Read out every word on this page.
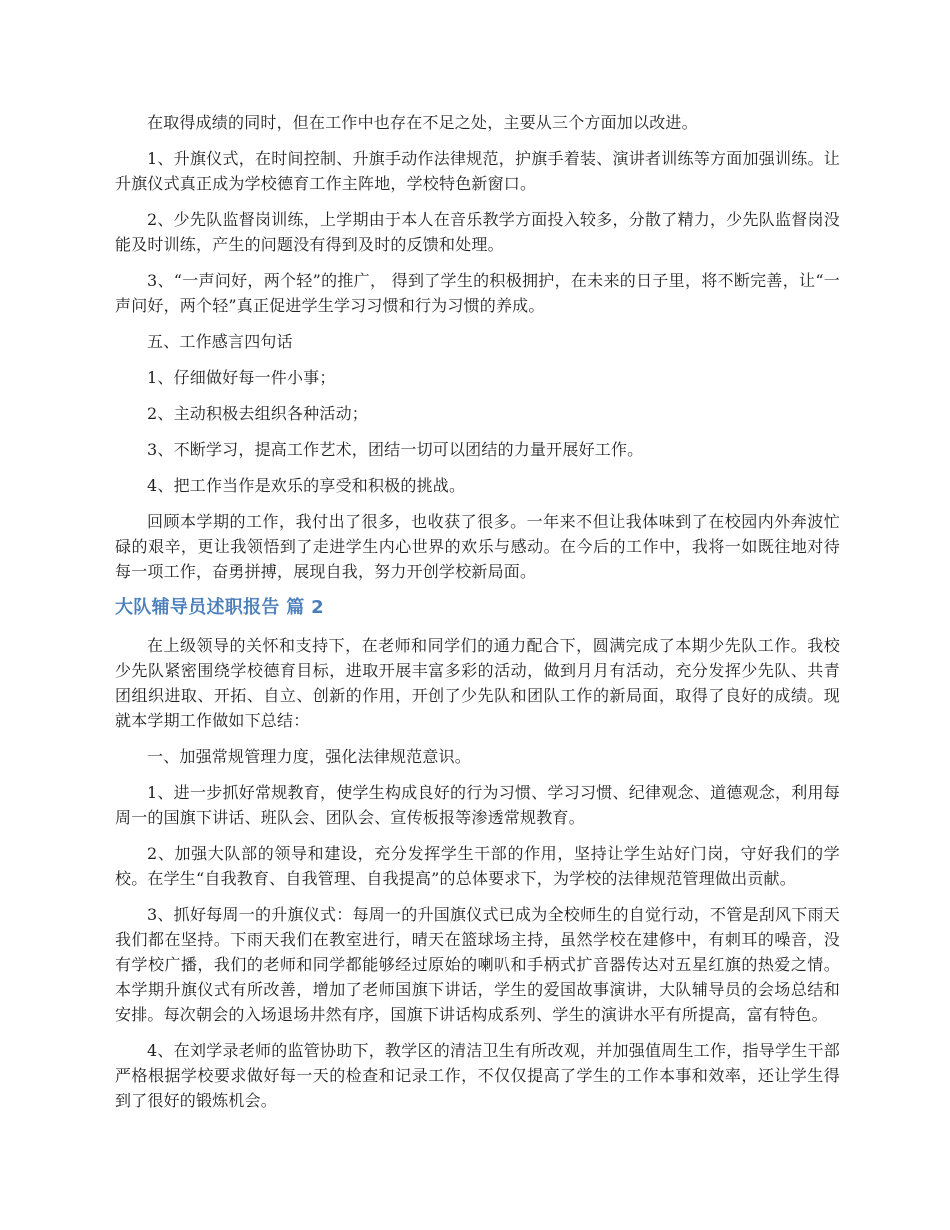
在取得成绩的同时，但在工作中也存在不足之处，主要从三个方面加以改进。

1、升旗仪式，在时间控制、升旗手动作法律规范，护旗手着装、演讲者训练等方面加强训练。让升旗仪式真正成为学校德育工作主阵地，学校特色新窗口。

2、少先队监督岗训练，上学期由于本人在音乐教学方面投入较多，分散了精力，少先队监督岗没能及时训练，产生的问题没有得到及时的反馈和处理。

3、“一声问好，两个轻”的推广， 得到了学生的积极拥护，在未来的日子里，将不断完善，让“一声问好，两个轻”真正促进学生学习习惯和行为习惯的养成。

五、工作感言四句话

1、仔细做好每一件小事；

2、主动积极去组织各种活动；

3、不断学习，提高工作艺术，团结一切可以团结的力量开展好工作。

4、把工作当作是欢乐的享受和积极的挑战。

回顾本学期的工作，我付出了很多，也收获了很多。一年来不但让我体味到了在校园内外奔波忙碌的艰辛，更让我领悟到了走进学生内心世界的欢乐与感动。在今后的工作中，我将一如既往地对待每一项工作，奋勇拼搏，展现自我，努力开创学校新局面。

大队辅导员述职报告 篇 2

在上级领导的关怀和支持下，在老师和同学们的通力配合下，圆满完成了本期少先队工作。我校少先队紧密围绕学校德育目标，进取开展丰富多彩的活动，做到月月有活动，充分发挥少先队、共青团组织进取、开拓、自立、创新的作用，开创了少先队和团队工作的新局面，取得了良好的成绩。现就本学期工作做如下总结：

一、加强常规管理力度，强化法律规范意识。

1、进一步抓好常规教育，使学生构成良好的行为习惯、学习习惯、纪律观念、道德观念，利用每周一的国旗下讲话、班队会、团队会、宣传板报等渗透常规教育。

2、加强大队部的领导和建设，充分发挥学生干部的作用，坚持让学生站好门岗，守好我们的学校。在学生“自我教育、自我管理、自我提高”的总体要求下，为学校的法律规范管理做出贡献。

3、抓好每周一的升旗仪式：每周一的升国旗仪式已成为全校师生的自觉行动，不管是刮风下雨天我们都在坚持。下雨天我们在教室进行，晴天在篮球场主持，虽然学校在建修中，有刺耳的噪音，没有学校广播，我们的老师和同学都能够经过原始的喇叭和手柄式扩音器传达对五星红旗的热爱之情。本学期升旗仪式有所改善，增加了老师国旗下讲话，学生的爱国故事演讲，大队辅导员的会场总结和安排。每次朝会的入场退场井然有序，国旗下讲话构成系列、学生的演讲水平有所提高，富有特色。

4、在刘学录老师的监管协助下，教学区的清洁卫生有所改观，并加强值周生工作，指导学生干部严格根据学校要求做好每一天的检查和记录工作，不仅仅提高了学生的工作本事和效率，还让学生得到了很好的锻炼机会。
